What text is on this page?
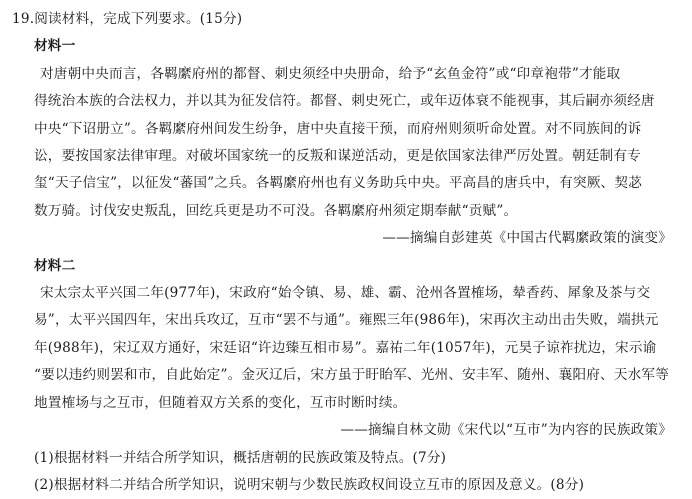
19.阅读材料，完成下列要求。(15分)
材料一
对唐朝中央而言，各羁縻府州的都督、刺史须经中央册命，给予“玄鱼金符”或“印章袍带”才能取
得统治本族的合法权力，并以其为征发信符。都督、刺史死亡，或年迈体衰不能视事，其后嗣亦须经唐
中央“下诏册立”。各羁縻府州间发生纷争，唐中央直接干预，而府州则须听命处置。对不同族间的诉
讼，要按国家法律审理。对破坏国家统一的反叛和谋逆活动，更是依国家法律严厉处置。朝廷制有专
玺“天子信宝”，以征发“蕃国”之兵。各羁縻府州也有义务助兵中央。平高昌的唐兵中，有突厥、契苾
数万骑。讨伐安史叛乱，回纥兵更是功不可没。各羁縻府州须定期奉献“贡赋”。
——摘编自彭建英《中国古代羁縻政策的演变》
材料二
宋太宗太平兴国二年(977年)，宋政府“始令镇、易、雄、霸、沧州各置榷场，辇香药、犀象及茶与交
易”，太平兴国四年，宋出兵攻辽，互市“罢不与通”。雍熙三年(986年)，宋再次主动出击失败，端拱元
年(988年)，宋辽双方通好，宋廷诏“许边臻互相市易”。嘉祐二年(1057年)，元昊子谅祚扰边，宋示谕
“要以违约则罢和市，自此始定”。金灭辽后，宋方虽于盱眙军、光州、安丰军、随州、襄阳府、天水军等
地置榷场与之互市，但随着双方关系的变化，互市时断时续。
——摘编自林文勋《宋代以“互市”为内容的民族政策》
(1)根据材料一并结合所学知识，概括唐朝的民族政策及特点。(7分)
(2)根据材料二并结合所学知识，说明宋朝与少数民族政权间设立互市的原因及意义。(8分)
